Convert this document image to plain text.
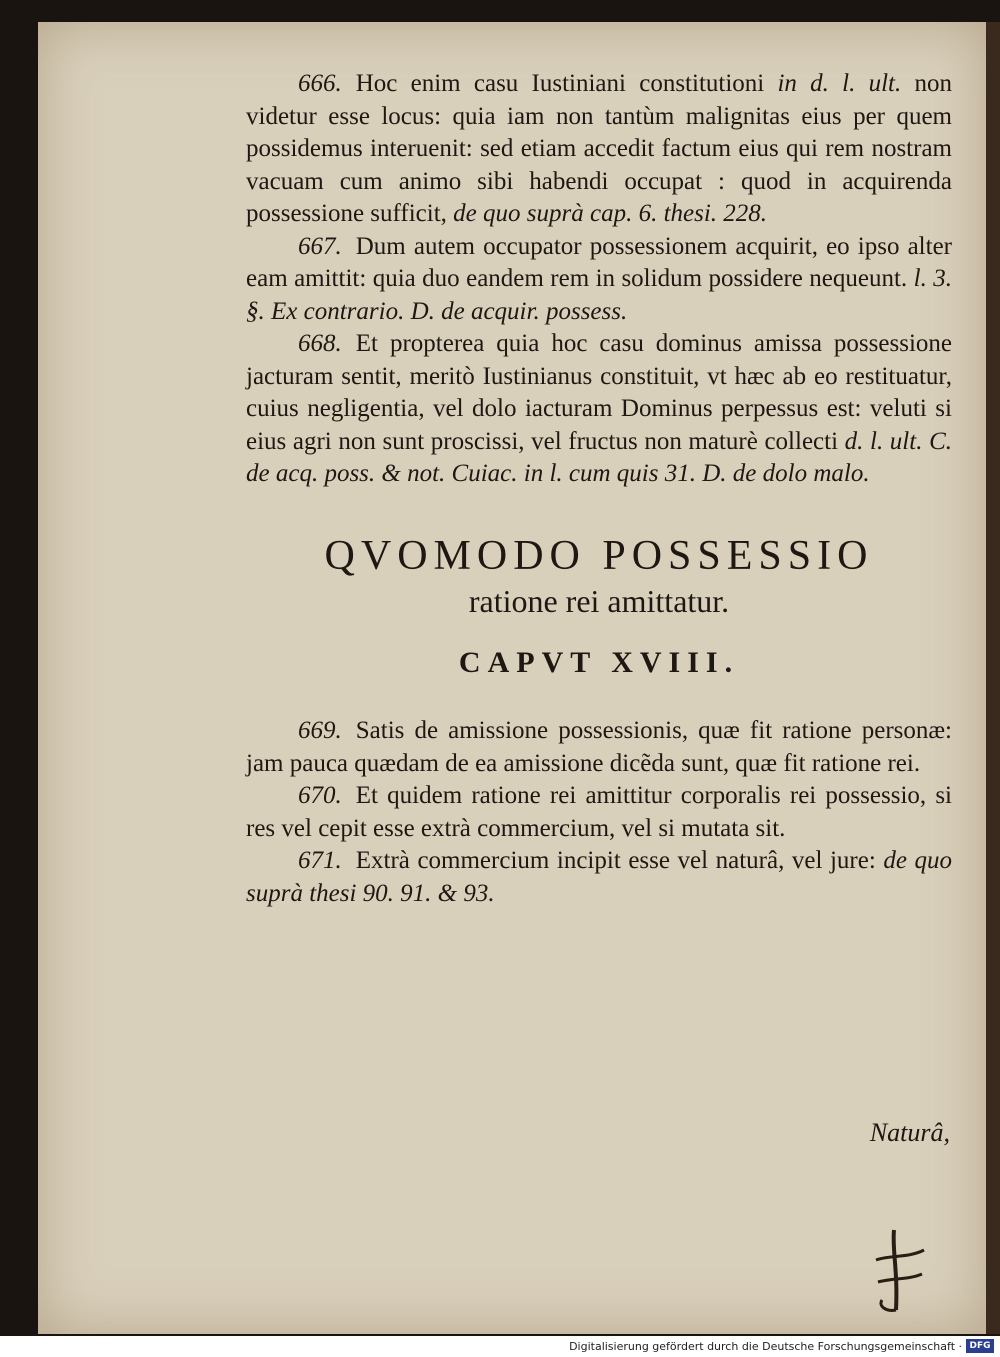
666. Hoc enim casu Iustiniani constitutioni in d. l. ult. non videtur esse locus: quia iam non tantùm malignitas eius per quem possidemus interuenit: sed etiam accedit factum eius qui rem nostram vacuam cum animo sibi habendi occupat : quod in acquirenda possessione sufficit, de quo suprà cap. 6. thesi. 228.

667. Dum autem occupator possessionem acquirit, eo ipso alter eam amittit: quia duo eandem rem in solidum possidere nequeunt. l. 3. §. Ex contrario. D. de acquir. possess.

668. Et propterea quia hoc casu dominus amissa possessione jacturam sentit, meritò Iustinianus constituit, vt hæc ab eo restituatur, cuius negligentia, vel dolo iacturam Dominus perpessus est: veluti si eius agri non sunt proscissi, vel fructus non maturè collecti d. l. ult. C. de acq. poss. & not. Cuiac. in l. cum quis 31. D. de dolo malo.

QVOMODO POSSESSIO
ratione rei amittatur.
CAPVT XVIII.

669. Satis de amissione possessionis, quæ fit ratione personæ: jam pauca quædam de ea amissione dicẽda sunt, quæ fit ratione rei.

670. Et quidem ratione rei amittitur corporalis rei possessio, si res vel cepit esse extrà commercium, vel si mutata sit.

671. Extrà commercium incipit esse vel naturâ, vel jure: de quo suprà thesi 90. 91. & 93.

Naturâ,
Digitalisierung gefördert durch die Deutsche Forschungsgemeinschaft · DFG
